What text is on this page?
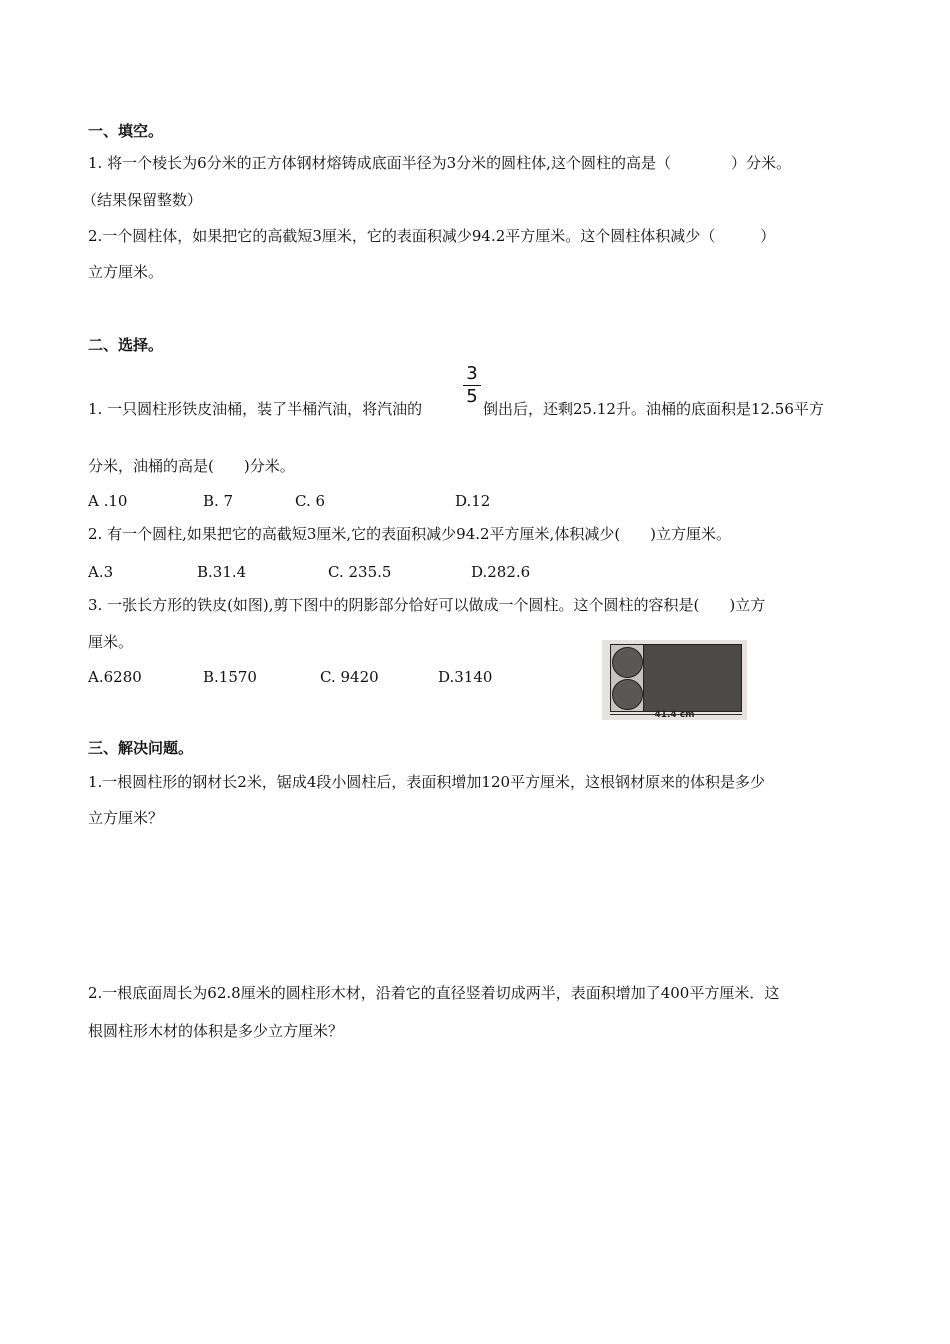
一、填空。
1. 将一个棱长为6分米的正方体钢材熔铸成底面半径为3分米的圆柱体,这个圆柱的高是（　　　　）分米。
（结果保留整数）
2.一个圆柱体，如果把它的高截短3厘米，它的表面积减少94.2平方厘米。这个圆柱体积减少（　　　）
立方厘米。
二、选择。
1. 一只圆柱形铁皮油桶，装了半桶汽油，将汽油的
3
5
倒出后，还剩25.12升。油桶的底面积是12.56平方
分米，油桶的高是(　　)分米。
A .10	B. 7	C. 6	D.12
2. 有一个圆柱,如果把它的高截短3厘米,它的表面积减少94.2平方厘米,体积减少(　　)立方厘米。
A.3	B.31.4	C. 235.5	D.282.6
3. 一张长方形的铁皮(如图),剪下图中的阴影部分恰好可以做成一个圆柱。这个圆柱的容积是(　　)立方
厘米。
A.6280	B.1570	C. 9420	D.3140
41.4 cm
三、解决问题。
1.一根圆柱形的钢材长2米，锯成4段小圆柱后，表面积增加120平方厘米，这根钢材原来的体积是多少
立方厘米？
2.一根底面周长为62.8厘米的圆柱形木材，沿着它的直径竖着切成两半，表面积增加了400平方厘米．这
根圆柱形木材的体积是多少立方厘米？
